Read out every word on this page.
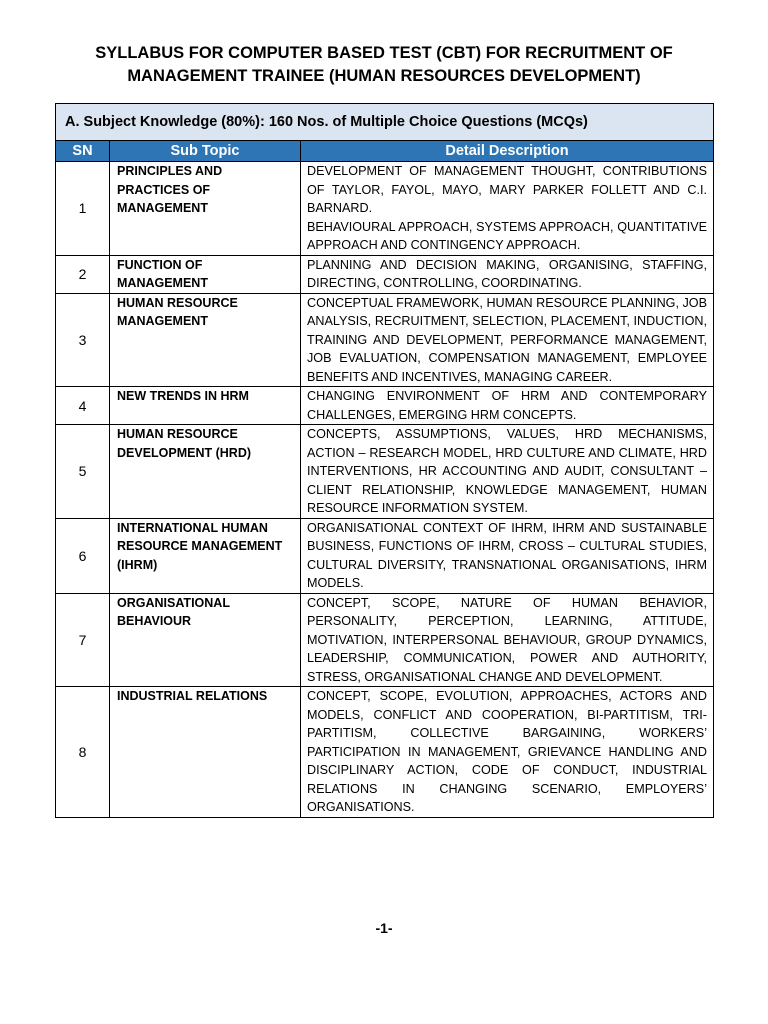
SYLLABUS FOR COMPUTER BASED TEST (CBT) FOR RECRUITMENT OF
MANAGEMENT TRAINEE (HUMAN RESOURCES DEVELOPMENT)
A. Subject Knowledge (80%): 160 Nos. of Multiple Choice Questions (MCQs)		
SN	Sub Topic	Detail Description
1	PRINCIPLES AND PRACTICES OF MANAGEMENT	DEVELOPMENT OF MANAGEMENT THOUGHT, CONTRIBUTIONS OF TAYLOR, FAYOL, MAYO, MARY PARKER FOLLETT AND C.I. BARNARD.
BEHAVIOURAL APPROACH, SYSTEMS APPROACH, QUANTITATIVE APPROACH AND CONTINGENCY APPROACH.

2	FUNCTION OF MANAGEMENT	PLANNING AND DECISION MAKING, ORGANISING, STAFFING, DIRECTING, CONTROLLING, COORDINATING.

3	HUMAN RESOURCE MANAGEMENT	CONCEPTUAL FRAMEWORK, HUMAN RESOURCE PLANNING, JOB ANALYSIS, RECRUITMENT, SELECTION, PLACEMENT, INDUCTION, TRAINING AND DEVELOPMENT, PERFORMANCE MANAGEMENT, JOB EVALUATION, COMPENSATION MANAGEMENT, EMPLOYEE BENEFITS AND INCENTIVES, MANAGING CAREER.

4	NEW TRENDS IN HRM	CHANGING ENVIRONMENT OF HRM AND CONTEMPORARY CHALLENGES, EMERGING HRM CONCEPTS.

5	HUMAN RESOURCE DEVELOPMENT (HRD)	CONCEPTS, ASSUMPTIONS, VALUES, HRD MECHANISMS, ACTION – RESEARCH MODEL, HRD CULTURE AND CLIMATE, HRD INTERVENTIONS, HR ACCOUNTING AND AUDIT, CONSULTANT – CLIENT RELATIONSHIP, KNOWLEDGE MANAGEMENT, HUMAN RESOURCE INFORMATION SYSTEM.

6	INTERNATIONAL HUMAN RESOURCE MANAGEMENT (IHRM)	ORGANISATIONAL CONTEXT OF IHRM, IHRM AND SUSTAINABLE BUSINESS, FUNCTIONS OF IHRM, CROSS – CULTURAL STUDIES, CULTURAL DIVERSITY, TRANSNATIONAL ORGANISATIONS, IHRM MODELS.

7	ORGANISATIONAL BEHAVIOUR	CONCEPT, SCOPE, NATURE OF HUMAN BEHAVIOR, PERSONALITY, PERCEPTION, LEARNING, ATTITUDE, MOTIVATION, INTERPERSONAL BEHAVIOUR, GROUP DYNAMICS, LEADERSHIP, COMMUNICATION, POWER AND AUTHORITY, STRESS, ORGANISATIONAL CHANGE AND DEVELOPMENT.

8	INDUSTRIAL RELATIONS	CONCEPT, SCOPE, EVOLUTION, APPROACHES, ACTORS AND MODELS, CONFLICT AND COOPERATION, BI-PARTITISM, TRI-PARTITISM, COLLECTIVE BARGAINING, WORKERS’ PARTICIPATION IN MANAGEMENT, GRIEVANCE HANDLING AND DISCIPLINARY ACTION, CODE OF CONDUCT, INDUSTRIAL RELATIONS IN CHANGING SCENARIO, EMPLOYERS’ ORGANISATIONS.
-1-
